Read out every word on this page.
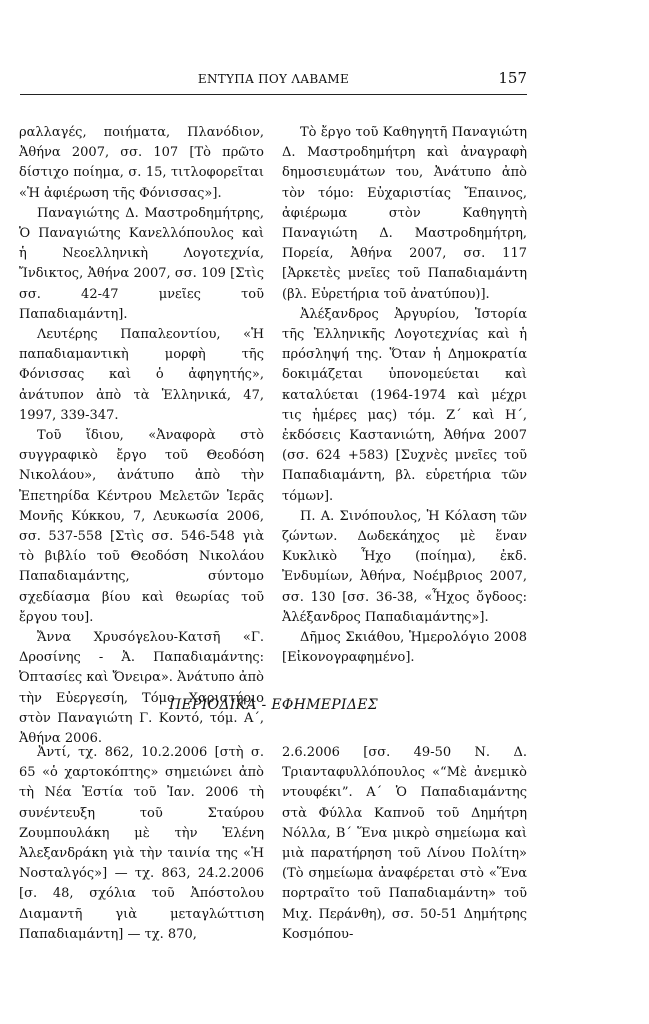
ΕΝΤΥΠΑ ΠΟΥ ΛΑΒΑΜΕ	157

ραλλαγές, ποιήματα, Πλανόδιον, Ἀθήνα 2007, σσ. 107 [Τὸ πρῶτο δίστιχο ποίημα, σ. 15, τιτλοφορεῖται «Ἡ ἀφιέρωση τῆς Φόνισσας»].

Παναγιώτης Δ. Μαστροδημήτρης, Ὁ Παναγιώτης Κανελλόπουλος καὶ ἡ Νεοελληνικὴ Λογοτεχνία, Ἴνδικτος, Ἀθήνα 2007, σσ. 109 [Στὶς σσ. 42-47 μνεῖες τοῦ Παπαδιαμάντη].

Λευτέρης Παπαλεοντίου, «Ἡ παπαδιαμαντικὴ μορφὴ τῆς Φόνισσας καὶ ὁ ἀφηγητής», ἀνάτυπον ἀπὸ τὰ Ἑλληνικά, 47, 1997, 339-347.

Τοῦ ἴδιου, «Ἀναφορὰ στὸ συγγραφικὸ ἔργο τοῦ Θεοδόση Νικολάου», ἀνάτυπο ἀπὸ τὴν Ἐπετηρίδα Κέντρου Μελετῶν Ἱερᾶς Μονῆς Κύκκου, 7, Λευκωσία 2006, σσ. 537-558 [Στὶς σσ. 546-548 γιὰ τὸ βιβλίο τοῦ Θεοδόση Νικολάου Παπαδιαμάντης, σύντομο σχεδίασμα βίου καὶ θεωρίας τοῦ ἔργου του].

Ἄννα Χρυσόγελου-Κατσῆ «Γ. Δροσίνης - Ἀ. Παπαδιαμάντης: Ὀπτασίες καὶ Ὄνειρα». Ἀνάτυπο ἀπὸ τὴν Εὐεργεσίη, Τόμο Χαριστήριο στὸν Παναγιώτη Γ. Κοντό, τόμ. Α΄, Ἀθήνα 2006.

Τὸ ἔργο τοῦ Καθηγητῆ Παναγιώτη Δ. Μαστροδημήτρη καὶ ἀναγραφὴ δημοσιευμάτων του, Ἀνάτυπο ἀπὸ τὸν τόμο: Εὐχαριστίας Ἔπαινος, ἀφιέρωμα στὸν Καθηγητὴ Παναγιώτη Δ. Μαστροδημήτρη, Πορεία, Ἀθήνα 2007, σσ. 117 [Ἀρκετὲς μνεῖες τοῦ Παπαδιαμάντη (βλ. Εὑρετήρια τοῦ ἀνατύπου)].

Ἀλέξανδρος Ἀργυρίου, Ἱστορία τῆς Ἑλληνικῆς Λογοτεχνίας καὶ ἡ πρόσληψή της. Ὅταν ἡ Δημοκρατία δοκιμάζεται ὑπονομεύεται καὶ καταλύεται (1964-1974 καὶ μέχρι τις ἡμέρες μας) τόμ. Ζ΄ καὶ Η΄, ἐκδόσεις Καστανιώτη, Ἀθήνα 2007 (σσ. 624 +583) [Συχνὲς μνεῖες τοῦ Παπαδιαμάντη, βλ. εὑρετήρια τῶν τόμων].

Π. Α. Σινόπουλος, Ἡ Κόλαση τῶν ζώντων. Δωδεκάηχος μὲ ἕναν Κυκλικὸ Ἦχο (ποίημα), ἐκδ. Ἐνδυμίων, Ἀθήνα, Νοέμβριος 2007, σσ. 130 [σσ. 36-38, «Ἦχος ὄγδοος: Ἀλέξανδρος Παπαδιαμάντης»].

Δῆμος Σκιάθου, Ἡμερολόγιο 2008 [Εἰκονογραφημένο].

ΠΕΡΙΟΔΙΚΑ - ΕΦΗΜΕΡΙΔΕΣ

Ἀντί, τχ. 862, 10.2.2006 [στὴ σ. 65 «ὁ χαρτοκόπτης» σημειώνει ἀπὸ τὴ Νέα Ἑστία τοῦ Ἰαν. 2006 τὴ συνέντευξη τοῦ Σταύρου Ζουμπουλάκη μὲ τὴν Ἑλένη Ἀλεξανδράκη γιὰ τὴν ταινία της «Ἡ Νοσταλγός»] — τχ. 863, 24.2.2006 [σ. 48, σχόλια τοῦ Ἀπόστολου Διαμαντῆ γιὰ μεταγλώττιση Παπαδιαμάντη] — τχ. 870,

2.6.2006 [σσ. 49-50 Ν. Δ. Τριανταφυλλόπουλος «“Μὲ ἀνεμικὸ ντουφέκι”. Α΄ Ὁ Παπαδιαμάντης στὰ Φύλλα Καπνοῦ τοῦ Δημήτρη Νόλλα, Β΄ Ἕνα μικρὸ σημείωμα καὶ μιὰ παρατήρηση τοῦ Λίνου Πολίτη» (Τὸ σημείωμα ἀναφέρεται στὸ «Ἕνα πορτραῖτο τοῦ Παπαδιαμάντη» τοῦ Μιχ. Περάνθη), σσ. 50-51 Δημήτρης Κοσμόπου-
